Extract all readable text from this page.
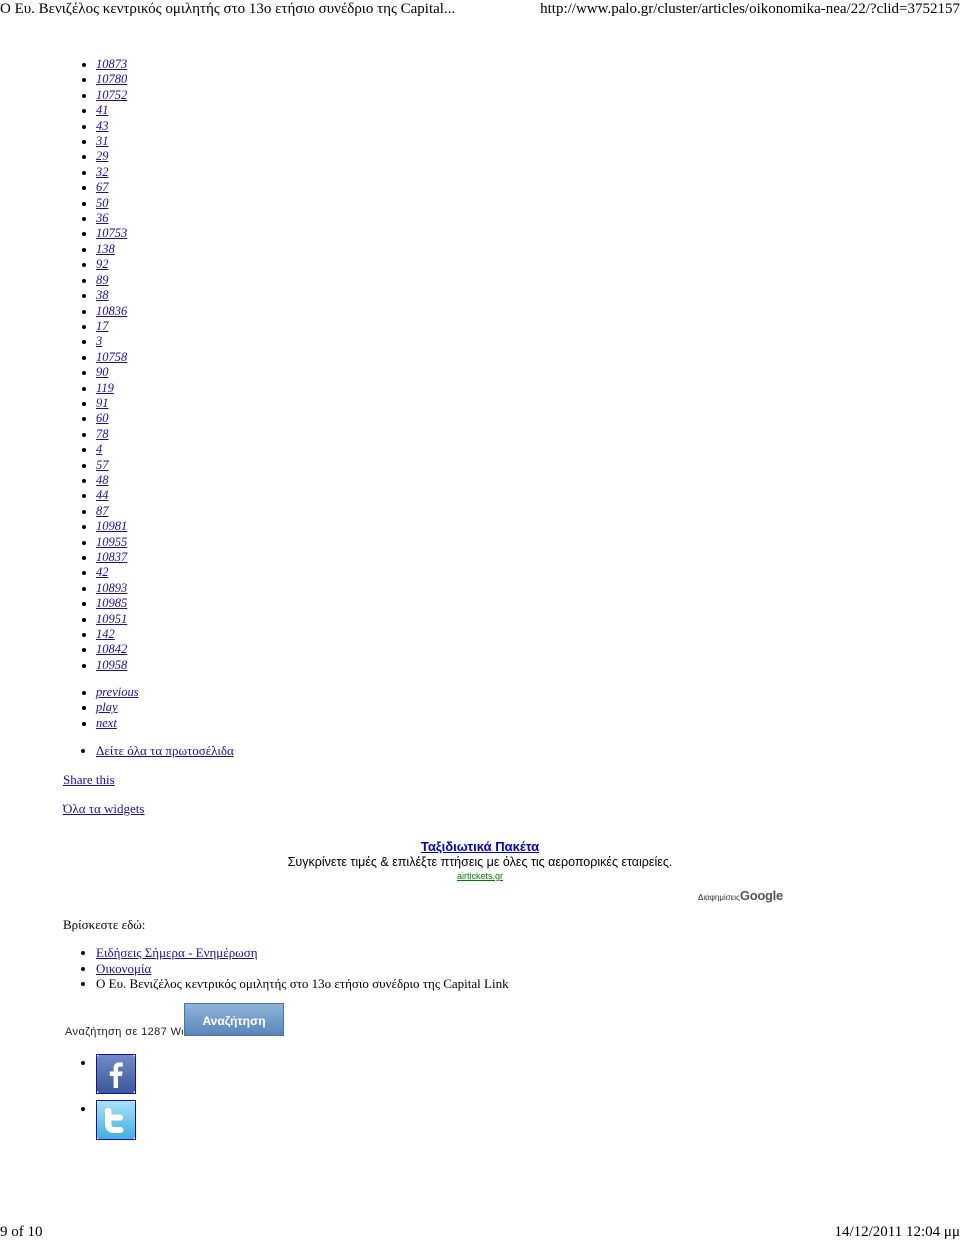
Ο Ευ. Βενιζέλος κεντρικός ομιλητής στο 13ο ετήσιο συνέδριο της Capital...	http://www.palo.gr/cluster/articles/oikonomika-nea/22/?clid=3752157
• 10873
• 10780
• 10752
• 41
• 43
• 31
• 29
• 32
• 67
• 50
• 36
• 10753
• 138
• 92
• 89
• 38
• 10836
• 17
• 3
• 10758
• 90
• 119
• 91
• 60
• 78
• 4
• 57
• 48
• 44
• 87
• 10981
• 10955
• 10837
• 42
• 10893
• 10985
• 10951
• 142
• 10842
• 10958
• previous
• play
• next
• Δείτε όλα τα πρωτοσέλιδα
Share this
Όλα τα widgets
Ταξιδιωτικά Πακέτα
Συγκρίνετε τιμές & επιλέξτε πτήσεις με όλες τις αεροπορικές εταιρείες.
airtickets.gr
ΔιαφημίσειςGoogle
Βρίσκεστε εδώ:
• Ειδήσεις Σήμερα - Ενημέρωση
• Οικονομία
• Ο Ευ. Βενιζέλος κεντρικός ομιλητής στο 13ο ετήσιο συνέδριο της Capital Link
Αναζήτηση σε 1287 We
Αναζήτηση
9 of 10	14/12/2011 12:04 μμ
